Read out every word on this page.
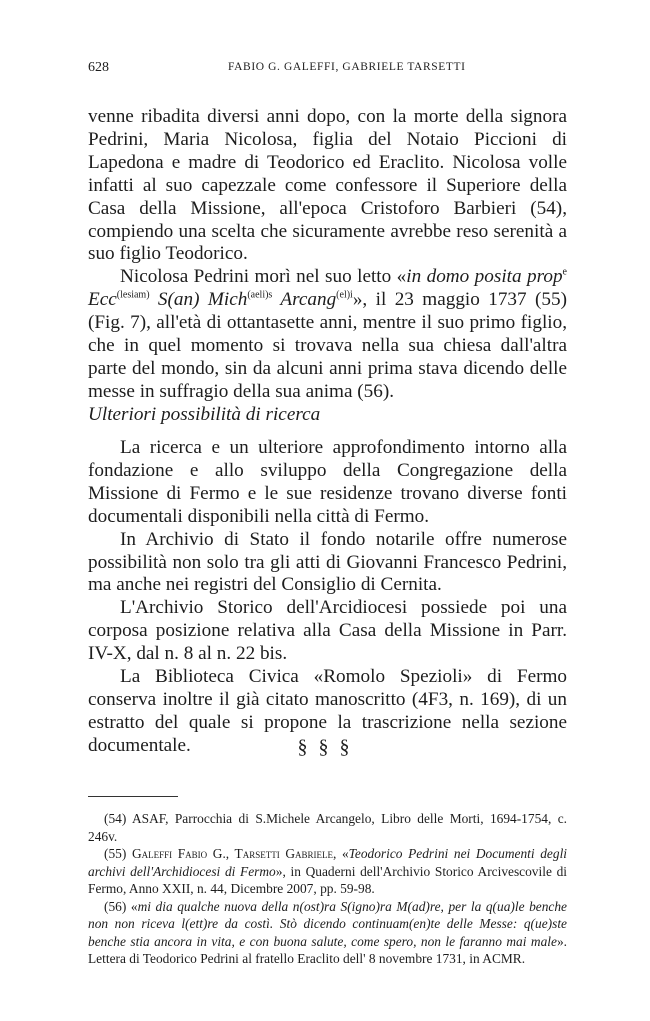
628	FABIO G. GALEFFI, GABRIELE TARSETTI

venne ribadita diversi anni dopo, con la morte della signora Pedrini, Maria Nicolosa, figlia del Notaio Piccioni di Lapedona e madre di Teodorico ed Eraclito. Nicolosa volle infatti al suo capezzale come confessore il Superiore della Casa della Missione, all'epoca Cristoforo Barbieri (54), compiendo una scelta che sicuramente avrebbe reso serenità a suo figlio Teodorico.

Nicolosa Pedrini morì nel suo letto «in domo posita prop$^e$ Ecc$^{(lesiam)}$ S(an) Mich$^{(aeli)s}$ Arcang$^{(el)i}$», il 23 maggio 1737 (55) (Fig. 7), all'età di ottantasette anni, mentre il suo primo figlio, che in quel momento si trovava nella sua chiesa dall'altra parte del mondo, sin da alcuni anni prima stava dicendo delle messe in suffragio della sua anima (56).

Ulteriori possibilità di ricerca

La ricerca e un ulteriore approfondimento intorno alla fondazione e allo sviluppo della Congregazione della Missione di Fermo e le sue residenze trovano diverse fonti documentali disponibili nella città di Fermo.

In Archivio di Stato il fondo notarile offre numerose possibilità non solo tra gli atti di Giovanni Francesco Pedrini, ma anche nei registri del Consiglio di Cernita.

L'Archivio Storico dell'Arcidiocesi possiede poi una corposa posizione relativa alla Casa della Missione in Parr. IV-X, dal n. 8 al n. 22 bis.

La Biblioteca Civica «Romolo Spezioli» di Fermo conserva inoltre il già citato manoscritto (4F3, n. 169), di un estratto del quale si propone la trascrizione nella sezione documentale.	§ § §

(54) ASAF, Parrocchia di S.Michele Arcangelo, Libro delle Morti, 1694-1754, c. 246v.

(55) Galeffi Fabio G., Tarsetti Gabriele, «Teodorico Pedrini nei Documenti degli archivi dell'Archidiocesi di Fermo», in Quaderni dell'Archivio Storico Arcivescovile di Fermo, Anno XXII, n. 44, Dicembre 2007, pp. 59-98.

(56) «mi dia qualche nuova della n(ost)ra S(igno)ra M(ad)re, per la q(ua)le benche non non riceva l(ett)re da costì. Stò dicendo continuam(en)te delle Messe: q(ue)ste benche stia ancora in vita, e con buona salute, come spero, non le faranno mai male». Lettera di Teodorico Pedrini al fratello Eraclito dell' 8 novembre 1731, in ACMR.
